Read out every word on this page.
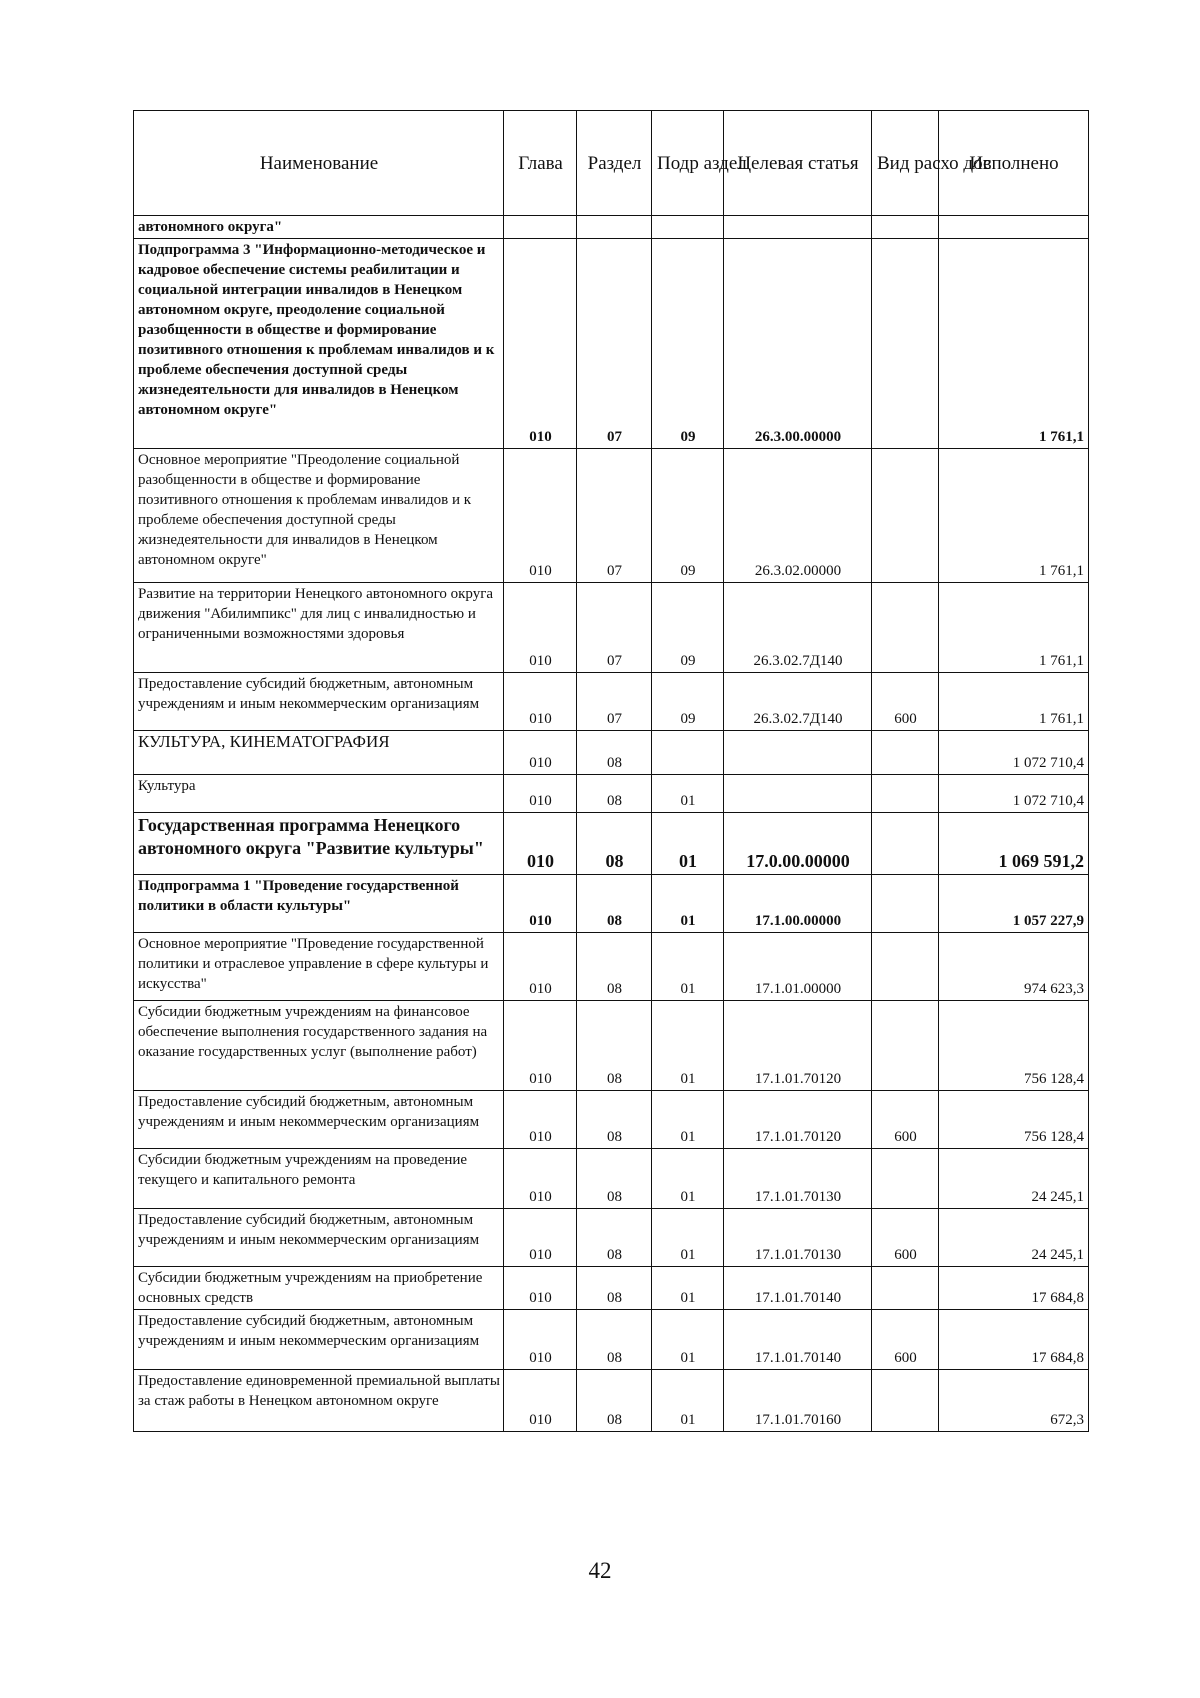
Наименование	Глава	Раздел	Подр аздел	Целевая статья	Вид расхо дов	Исполнено
автономного округа"						
Подпрограмма 3 "Информационно-методическое и кадровое обеспечение системы реабилитации и социальной интеграции инвалидов в Ненецком автономном округе, преодоление социальной разобщенности в обществе и формирование позитивного отношения к проблемам инвалидов и к проблеме обеспечения доступной среды жизнедеятельности для инвалидов в Ненецком автономном округе"	010	07	09	26.3.00.00000		1 761,1
Основное мероприятие "Преодоление социальной разобщенности в обществе и формирование позитивного отношения к проблемам инвалидов и к проблеме обеспечения доступной среды жизнедеятельности для инвалидов в Ненецком автономном округе"	010	07	09	26.3.02.00000		1 761,1
Развитие на территории Ненецкого автономного округа движения "Абилимпикс" для лиц с инвалидностью и ограниченными возможностями здоровья	010	07	09	26.3.02.7Д140		1 761,1
Предоставление субсидий бюджетным, автономным учреждениям и иным некоммерческим организациям	010	07	09	26.3.02.7Д140	600	1 761,1
КУЛЬТУРА, КИНЕМАТОГРАФИЯ	010	08				1 072 710,4
Культура	010	08	01			1 072 710,4
Государственная программа Ненецкого автономного округа "Развитие культуры"	010	08	01	17.0.00.00000		1 069 591,2
Подпрограмма 1 "Проведение государственной политики в области культуры"	010	08	01	17.1.00.00000		1 057 227,9
Основное мероприятие "Проведение государственной политики и отраслевое управление в сфере культуры и искусства"	010	08	01	17.1.01.00000		974 623,3
Субсидии бюджетным учреждениям на финансовое обеспечение выполнения государственного задания на оказание государственных услуг (выполнение работ)	010	08	01	17.1.01.70120		756 128,4
Предоставление субсидий бюджетным, автономным учреждениям и иным некоммерческим организациям	010	08	01	17.1.01.70120	600	756 128,4
Субсидии бюджетным учреждениям на проведение текущего и капитального ремонта	010	08	01	17.1.01.70130		24 245,1
Предоставление субсидий бюджетным, автономным учреждениям и иным некоммерческим организациям	010	08	01	17.1.01.70130	600	24 245,1
Субсидии бюджетным учреждениям на приобретение основных средств	010	08	01	17.1.01.70140		17 684,8
Предоставление субсидий бюджетным, автономным учреждениям и иным некоммерческим организациям	010	08	01	17.1.01.70140	600	17 684,8
Предоставление единовременной премиальной выплаты за стаж работы в Ненецком автономном округе	010	08	01	17.1.01.70160		672,3
42
